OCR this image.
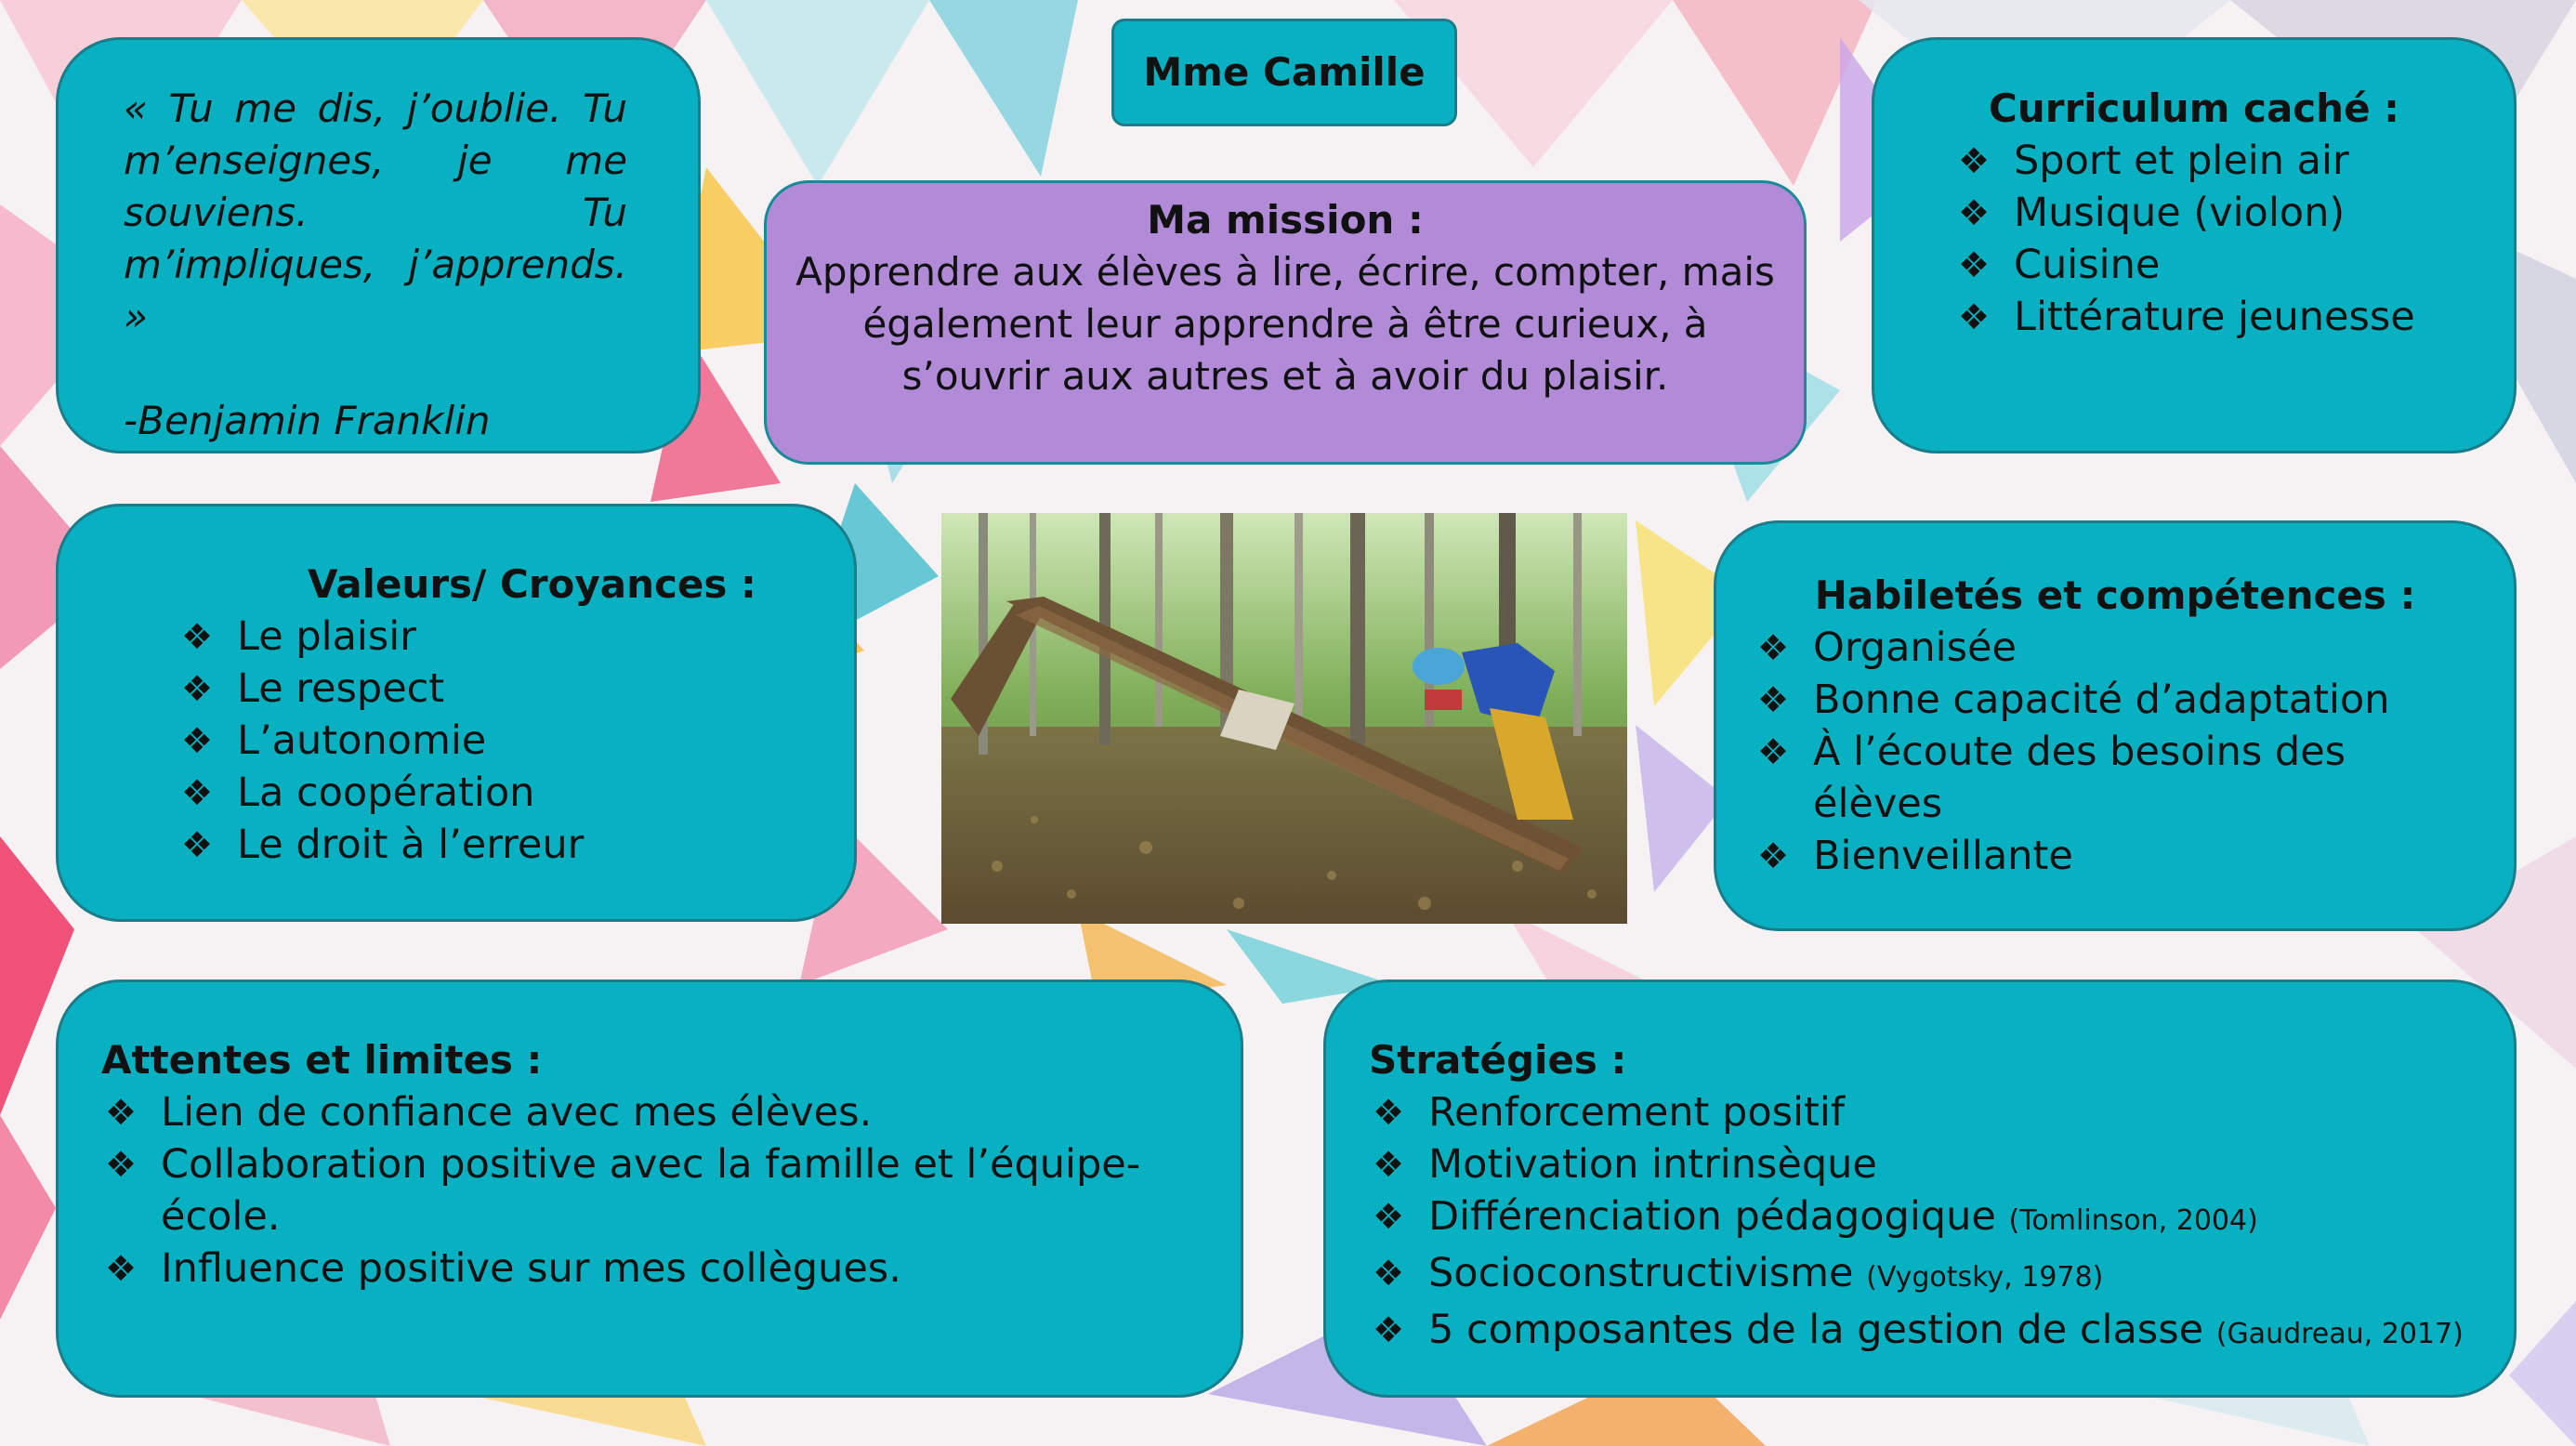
Mme Camille
« Tu me dis, j’oublie. Tu m’enseignes, je me souviens. Tu m’impliques, j’apprends. »
-Benjamin Franklin
Ma mission :
Apprendre aux élèves à lire, écrire, compter, mais également leur apprendre à être curieux, à s’ouvrir aux autres et à avoir du plaisir.
Curriculum caché :
❖ Sport et plein air
❖ Musique (violon)
❖ Cuisine
❖ Littérature jeunesse
Valeurs/ Croyances :
❖ Le plaisir
❖ Le respect
❖ L’autonomie
❖ La coopération
❖ Le droit à l’erreur
Habiletés et compétences :
❖ Organisée
❖ Bonne capacité d’adaptation
❖ À l’écoute des besoins des élèves
❖ Bienveillante
Attentes et limites :
❖ Lien de confiance avec mes élèves.
❖ Collaboration positive avec la famille et l’équipe-école.
❖ Influence positive sur mes collègues.
Stratégies :
❖ Renforcement positif
❖ Motivation intrinsèque
❖ Différenciation pédagogique (Tomlinson, 2004)
❖ Socioconstructivisme (Vygotsky, 1978)
❖ 5 composantes de la gestion de classe (Gaudreau, 2017)
